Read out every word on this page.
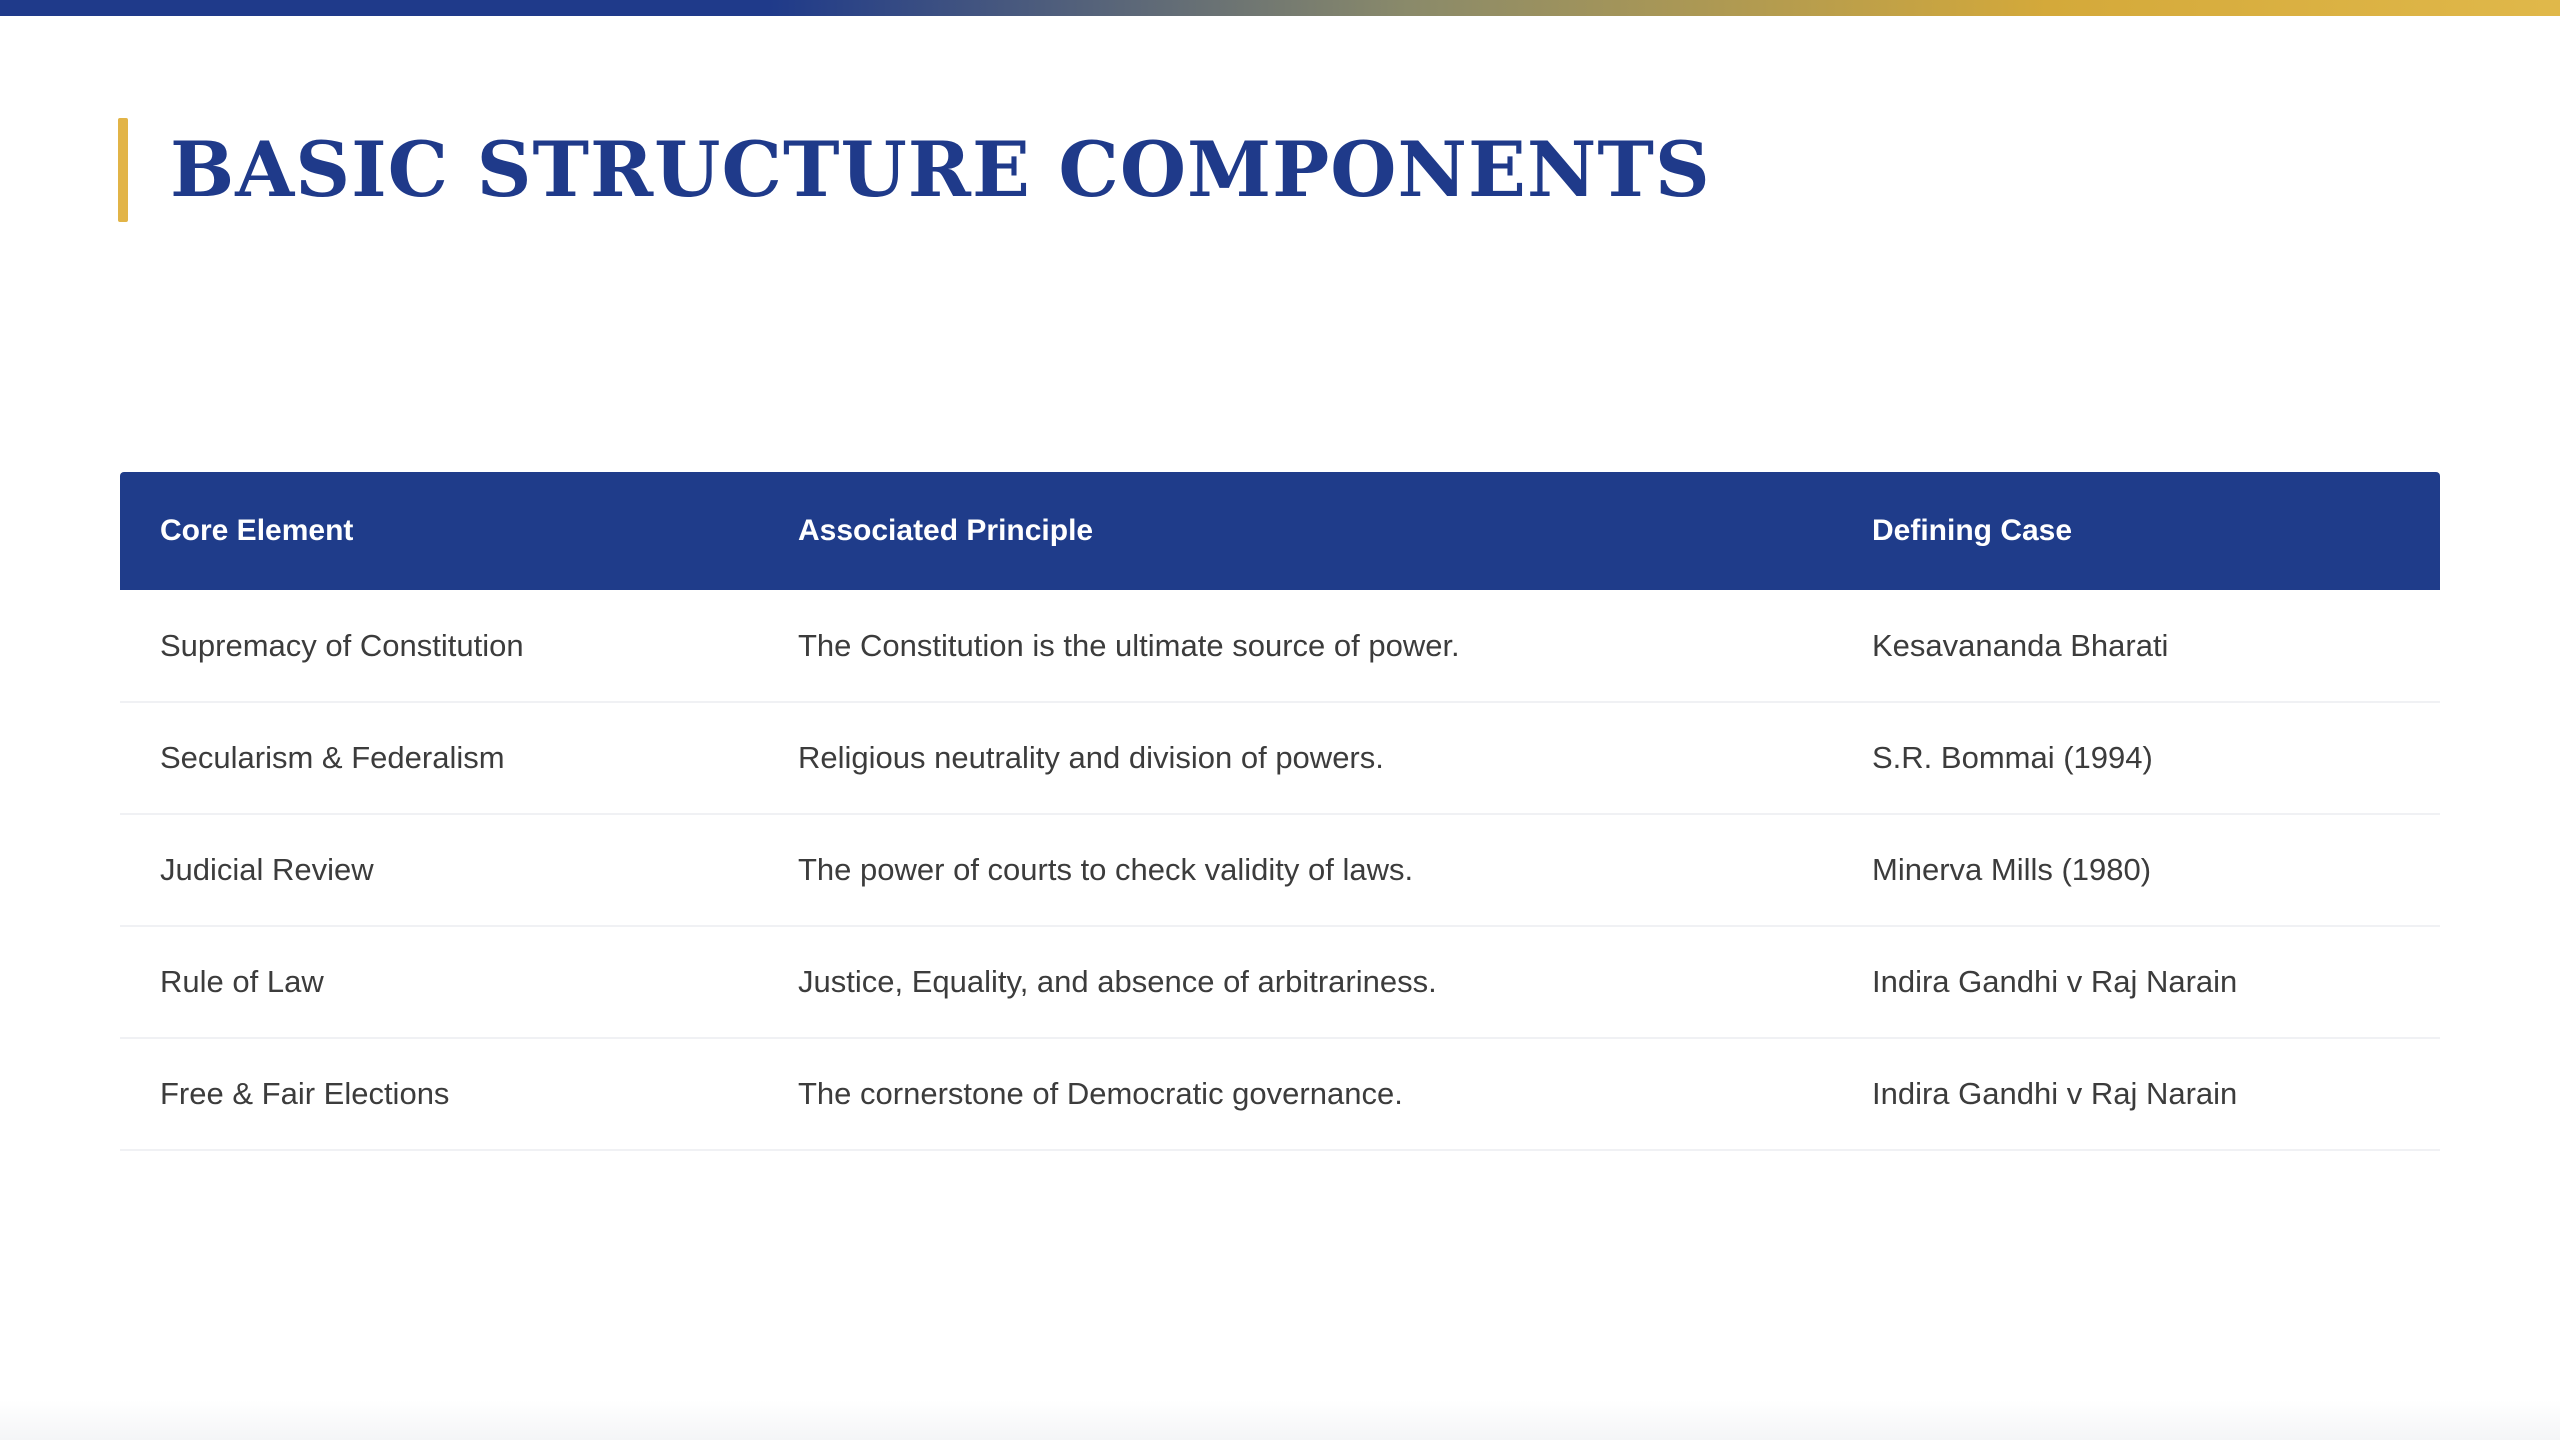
BASIC STRUCTURE COMPONENTS
Core Element	Associated Principle	Defining Case
Supremacy of Constitution	The Constitution is the ultimate source of power.	Kesavananda Bharati
Secularism & Federalism	Religious neutrality and division of powers.	S.R. Bommai (1994)
Judicial Review	The power of courts to check validity of laws.	Minerva Mills (1980)
Rule of Law	Justice, Equality, and absence of arbitrariness.	Indira Gandhi v Raj Narain
Free & Fair Elections	The cornerstone of Democratic governance.	Indira Gandhi v Raj Narain
